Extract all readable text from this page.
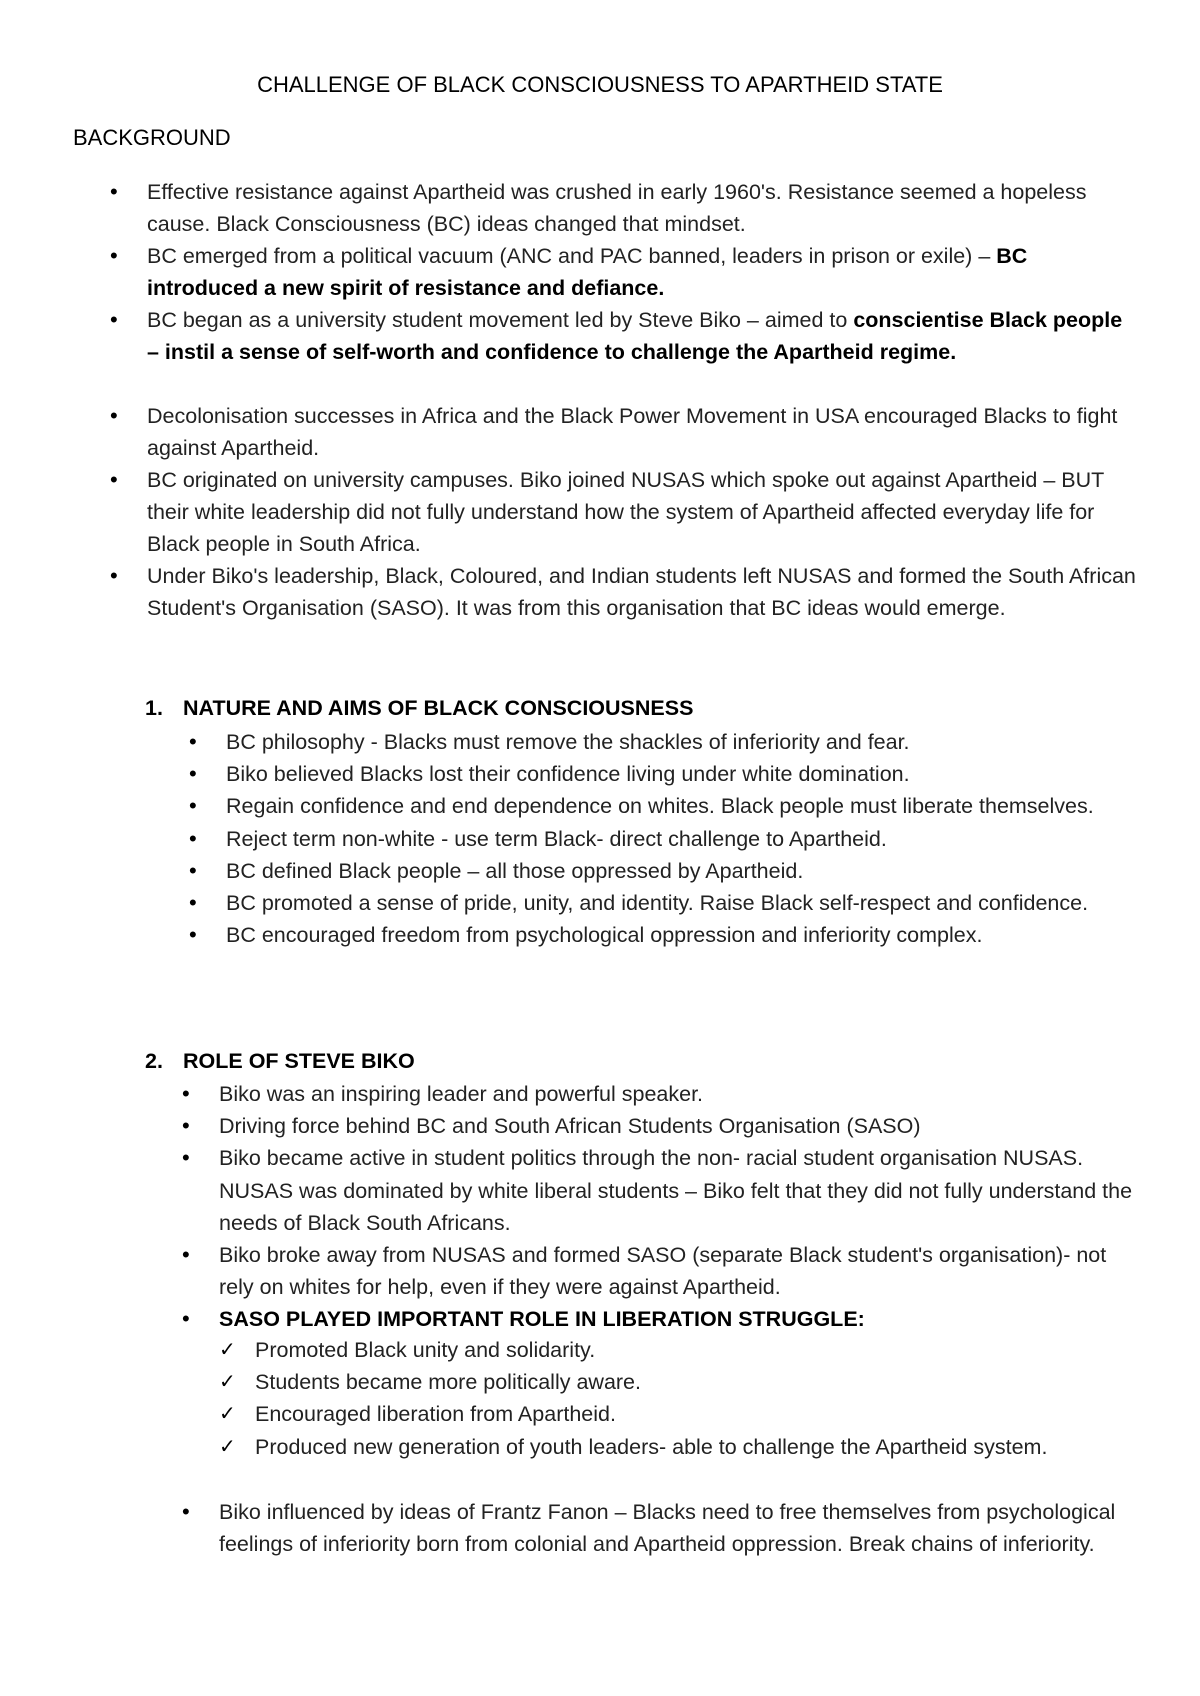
CHALLENGE OF BLACK CONSCIOUSNESS TO APARTHEID STATE
BACKGROUND
• Effective resistance against Apartheid was crushed in early 1960's. Resistance seemed a hopeless cause. Black Consciousness (BC) ideas changed that mindset.
• BC emerged from a political vacuum (ANC and PAC banned, leaders in prison or exile) – BC introduced a new spirit of resistance and defiance.
• BC began as a university student movement led by Steve Biko – aimed to conscientise Black people – instil a sense of self-worth and confidence to challenge the Apartheid regime.
• Decolonisation successes in Africa and the Black Power Movement in USA encouraged Blacks to fight against Apartheid.
• BC originated on university campuses. Biko joined NUSAS which spoke out against Apartheid – BUT their white leadership did not fully understand how the system of Apartheid affected everyday life for Black people in South Africa.
• Under Biko's leadership, Black, Coloured, and Indian students left NUSAS and formed the South African Student's Organisation (SASO). It was from this organisation that BC ideas would emerge.
1. NATURE AND AIMS OF BLACK CONSCIOUSNESS
• BC philosophy - Blacks must remove the shackles of inferiority and fear.
• Biko believed Blacks lost their confidence living under white domination.
• Regain confidence and end dependence on whites. Black people must liberate themselves.
• Reject term non-white - use term Black- direct challenge to Apartheid.
• BC defined Black people – all those oppressed by Apartheid.
• BC promoted a sense of pride, unity, and identity. Raise Black self-respect and confidence.
• BC encouraged freedom from psychological oppression and inferiority complex.
2. ROLE OF STEVE BIKO
• Biko was an inspiring leader and powerful speaker.
• Driving force behind BC and South African Students Organisation (SASO)
• Biko became active in student politics through the non- racial student organisation NUSAS. NUSAS was dominated by white liberal students – Biko felt that they did not fully understand the needs of Black South Africans.
• Biko broke away from NUSAS and formed SASO (separate Black student's organisation)- not rely on whites for help, even if they were against Apartheid.
• SASO PLAYED IMPORTANT ROLE IN LIBERATION STRUGGLE:
✓ Promoted Black unity and solidarity.
✓ Students became more politically aware.
✓ Encouraged liberation from Apartheid.
✓ Produced new generation of youth leaders- able to challenge the Apartheid system.
• Biko influenced by ideas of Frantz Fanon – Blacks need to free themselves from psychological feelings of inferiority born from colonial and Apartheid oppression. Break chains of inferiority.
